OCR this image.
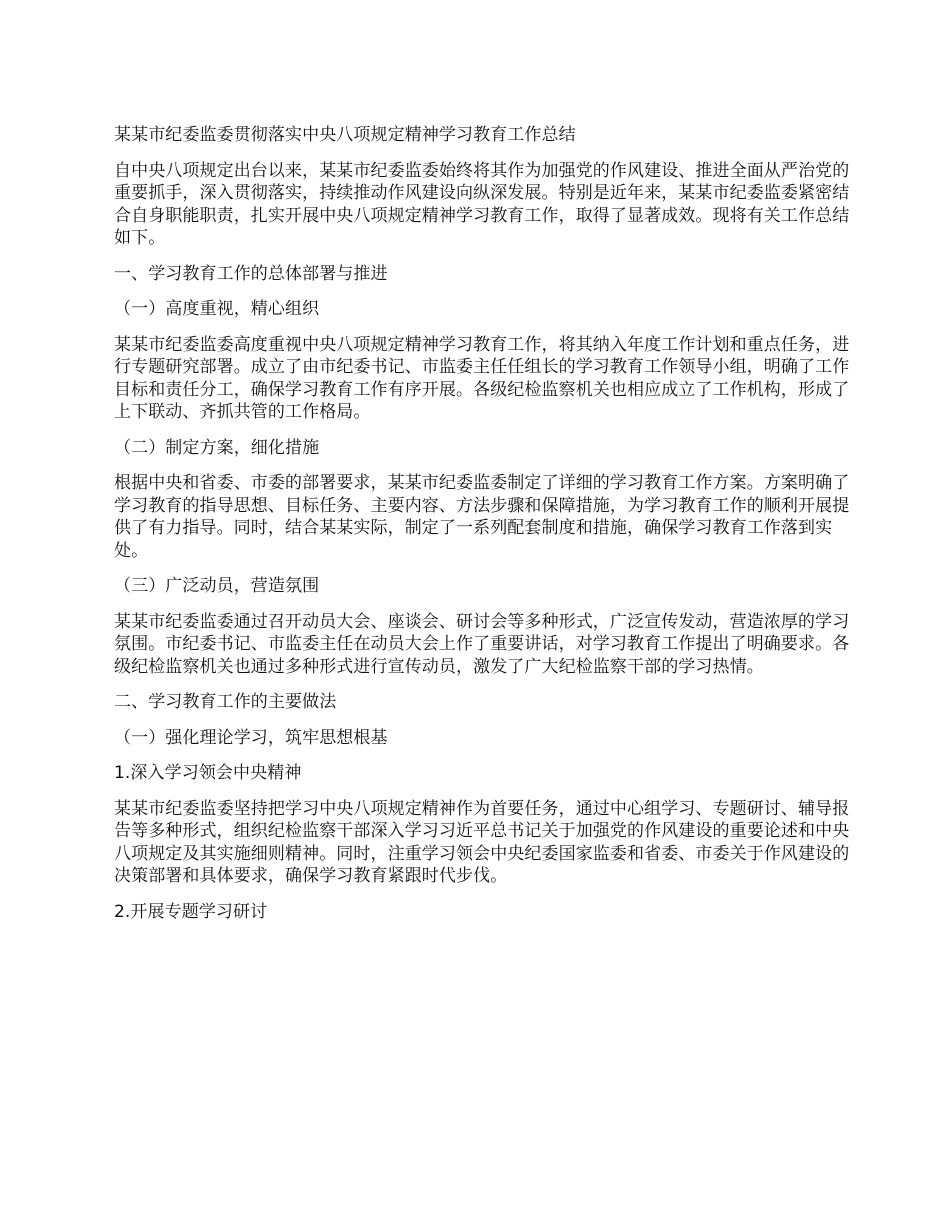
某某市纪委监委贯彻落实中央八项规定精神学习教育工作总结

自中央八项规定出台以来，某某市纪委监委始终将其作为加强党的作风建设、推进全面从严治党的重要抓手，深入贯彻落实，持续推动作风建设向纵深发展。特别是近年来，某某市纪委监委紧密结合自身职能职责，扎实开展中央八项规定精神学习教育工作，取得了显著成效。现将有关工作总结如下。

一、学习教育工作的总体部署与推进

（一）高度重视，精心组织

某某市纪委监委高度重视中央八项规定精神学习教育工作，将其纳入年度工作计划和重点任务，进行专题研究部署。成立了由市纪委书记、市监委主任任组长的学习教育工作领导小组，明确了工作目标和责任分工，确保学习教育工作有序开展。各级纪检监察机关也相应成立了工作机构，形成了上下联动、齐抓共管的工作格局。

（二）制定方案，细化措施

根据中央和省委、市委的部署要求，某某市纪委监委制定了详细的学习教育工作方案。方案明确了学习教育的指导思想、目标任务、主要内容、方法步骤和保障措施，为学习教育工作的顺利开展提供了有力指导。同时，结合某某实际，制定了一系列配套制度和措施，确保学习教育工作落到实处。

（三）广泛动员，营造氛围

某某市纪委监委通过召开动员大会、座谈会、研讨会等多种形式，广泛宣传发动，营造浓厚的学习氛围。市纪委书记、市监委主任在动员大会上作了重要讲话，对学习教育工作提出了明确要求。各级纪检监察机关也通过多种形式进行宣传动员，激发了广大纪检监察干部的学习热情。

二、学习教育工作的主要做法

（一）强化理论学习，筑牢思想根基

1.深入学习领会中央精神

某某市纪委监委坚持把学习中央八项规定精神作为首要任务，通过中心组学习、专题研讨、辅导报告等多种形式，组织纪检监察干部深入学习习近平总书记关于加强党的作风建设的重要论述和中央八项规定及其实施细则精神。同时，注重学习领会中央纪委国家监委和省委、市委关于作风建设的决策部署和具体要求，确保学习教育紧跟时代步伐。

2.开展专题学习研讨
